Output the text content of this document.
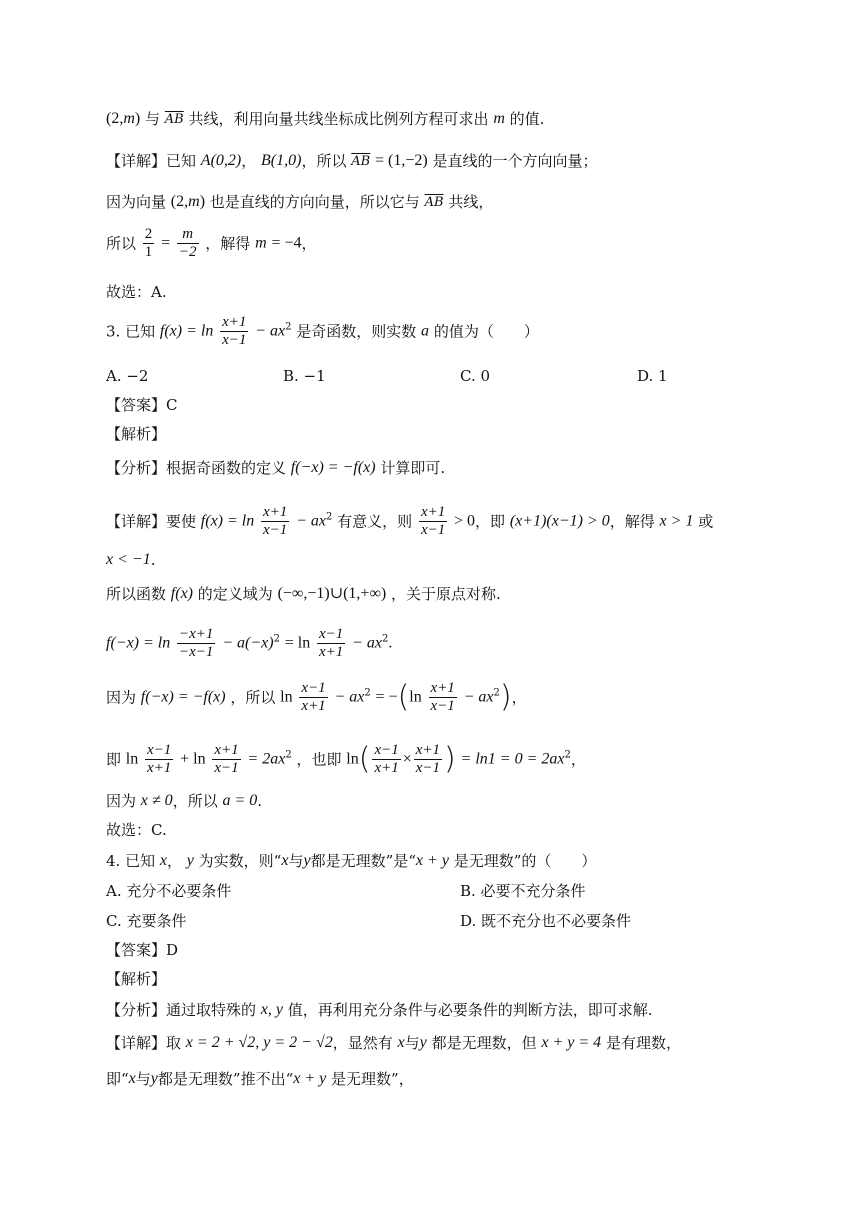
(2,m) 与 $\overline{AB}$ 共线，利用向量共线坐标成比例列方程可求出 m 的值.
【详解】已知 A(0,2)， B(1,0)，所以 $\overline{AB} = (1,-2)$ 是直线的一个方向向量；
因为向量 (2,m) 也是直线的方向向量，所以它与 $\overline{AB}$ 共线，
所以 $\frac{2}{1} = \frac{m}{-2}$ ，解得 m = −4，
故选：A.
3. 已知 $f(x) = \ln \frac{x+1}{x-1} - ax^2$ 是奇函数，则实数 a 的值为（　　）
A. −2	B. −1	C. 0	D. 1
【答案】C
【解析】
【分析】根据奇函数的定义 f(−x) = −f(x) 计算即可.
【详解】要使 $f(x) = \ln \frac{x+1}{x-1} - ax^2$ 有意义，则 $\frac{x+1}{x-1} > 0$，即 (x+1)(x−1) > 0，解得 x > 1 或
x < −1.
所以函数 f(x) 的定义域为 (−∞,−1)∪(1,+∞) ，关于原点对称.
$f(-x) = \ln \frac{-x+1}{-x-1} - a(-x)^2 = \ln \frac{x-1}{x+1} - ax^2$.
因为 f(−x) = −f(x) ，所以 $\ln \frac{x-1}{x+1} - ax^2 = -(\ln \frac{x+1}{x-1} - ax^2)$，
即 $\ln \frac{x-1}{x+1} + \ln \frac{x+1}{x-1} = 2ax^2$ ，也即 $\ln( \frac{x-1}{x+1} \times \frac{x+1}{x-1}$ ) = $\ln 1 = 0 = 2ax^2$，
因为 x ≠ 0，所以 a = 0.
故选：C.
4. 已知 x， y 为实数，则“x与y都是无理数”是“x + y 是无理数”的（　　）
A. 充分不必要条件	B. 必要不充分条件
C. 充要条件	D. 既不充分也不必要条件
【答案】D
【解析】
【分析】通过取特殊的 x, y 值，再利用充分条件与必要条件的判断方法，即可求解.
【详解】取 x = 2 + √2, y = 2 − √2，显然有 x与y 都是无理数，但 x + y = 4 是有理数，
即“x与y都是无理数”推不出“x + y 是无理数”，
